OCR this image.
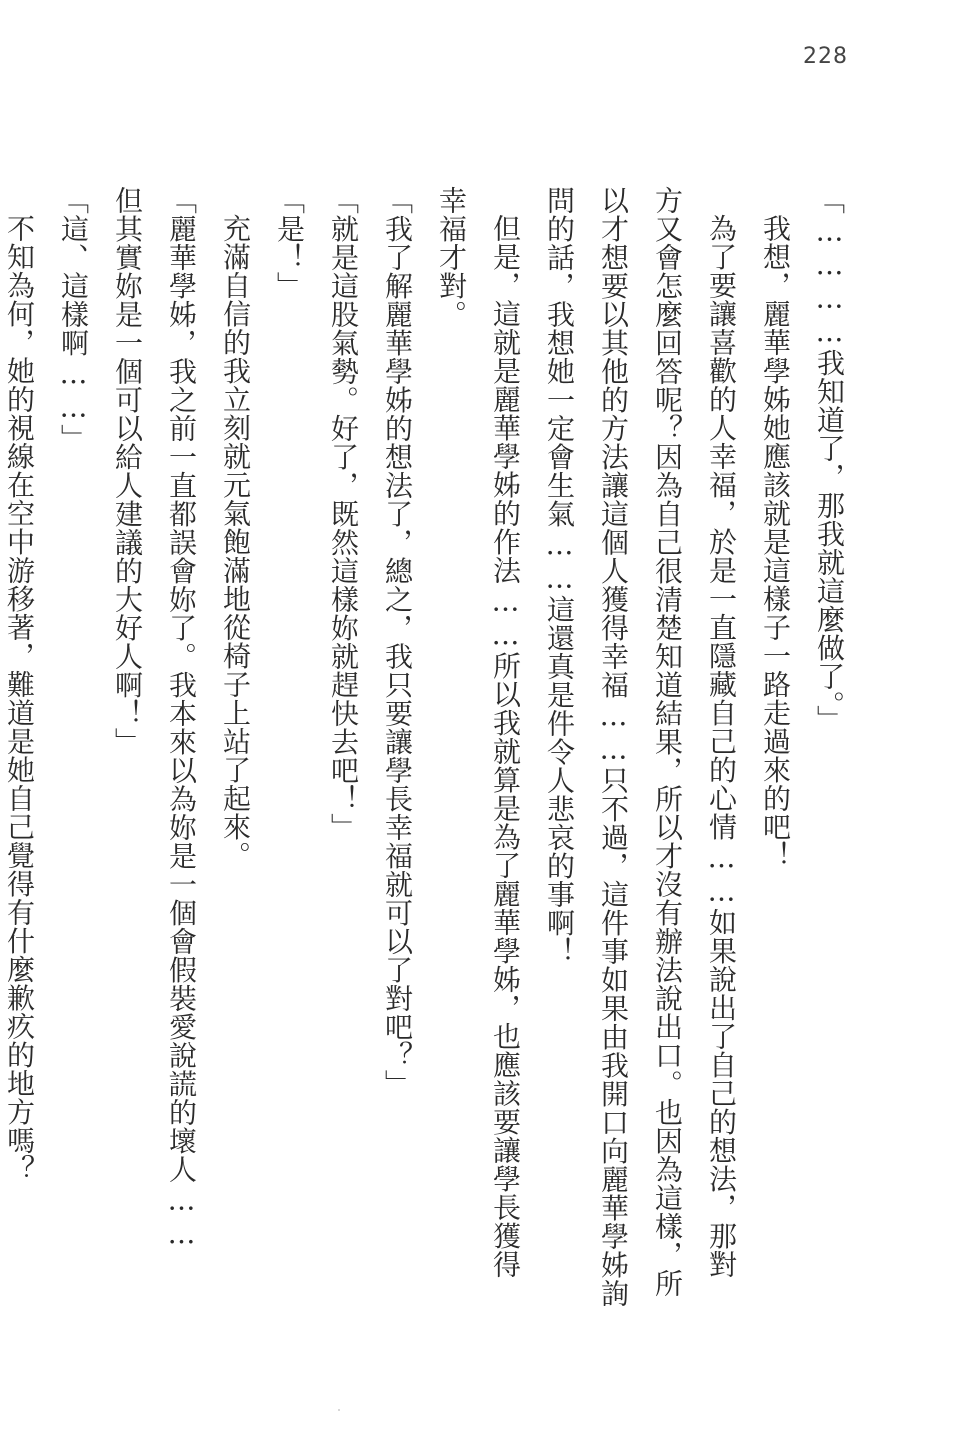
228

「…………我知道了，那我就這麼做了。」

我想，麗華學姊她應該就是這樣子一路走過來的吧！

為了要讓喜歡的人幸福，於是一直隱藏自己的心情……如果說出了自己的想法，那對

方又會怎麼回答呢？因為自己很清楚知道結果，所以才沒有辦法說出口。也因為這樣，所

以才想要以其他的方法讓這個人獲得幸福……只不過，這件事如果由我開口向麗華學姊詢

問的話，我想她一定會生氣……這還真是件令人悲哀的事啊！

但是，這就是麗華學姊的作法……所以我就算是為了麗華學姊，也應該要讓學長獲得

幸福才對。

「我了解麗華學姊的想法了，總之，我只要讓學長幸福就可以了對吧？」

「就是這股氣勢。好了，既然這樣妳就趕快去吧！」

「是！」

充滿自信的我立刻就元氣飽滿地從椅子上站了起來。

「麗華學姊，我之前一直都誤會妳了。我本來以為妳是一個會假裝愛說謊的壞人……

但其實妳是一個可以給人建議的大好人啊！」

「這、這樣啊……」

不知為何，她的視線在空中游移著，難道是她自己覺得有什麼歉疚的地方嗎？
